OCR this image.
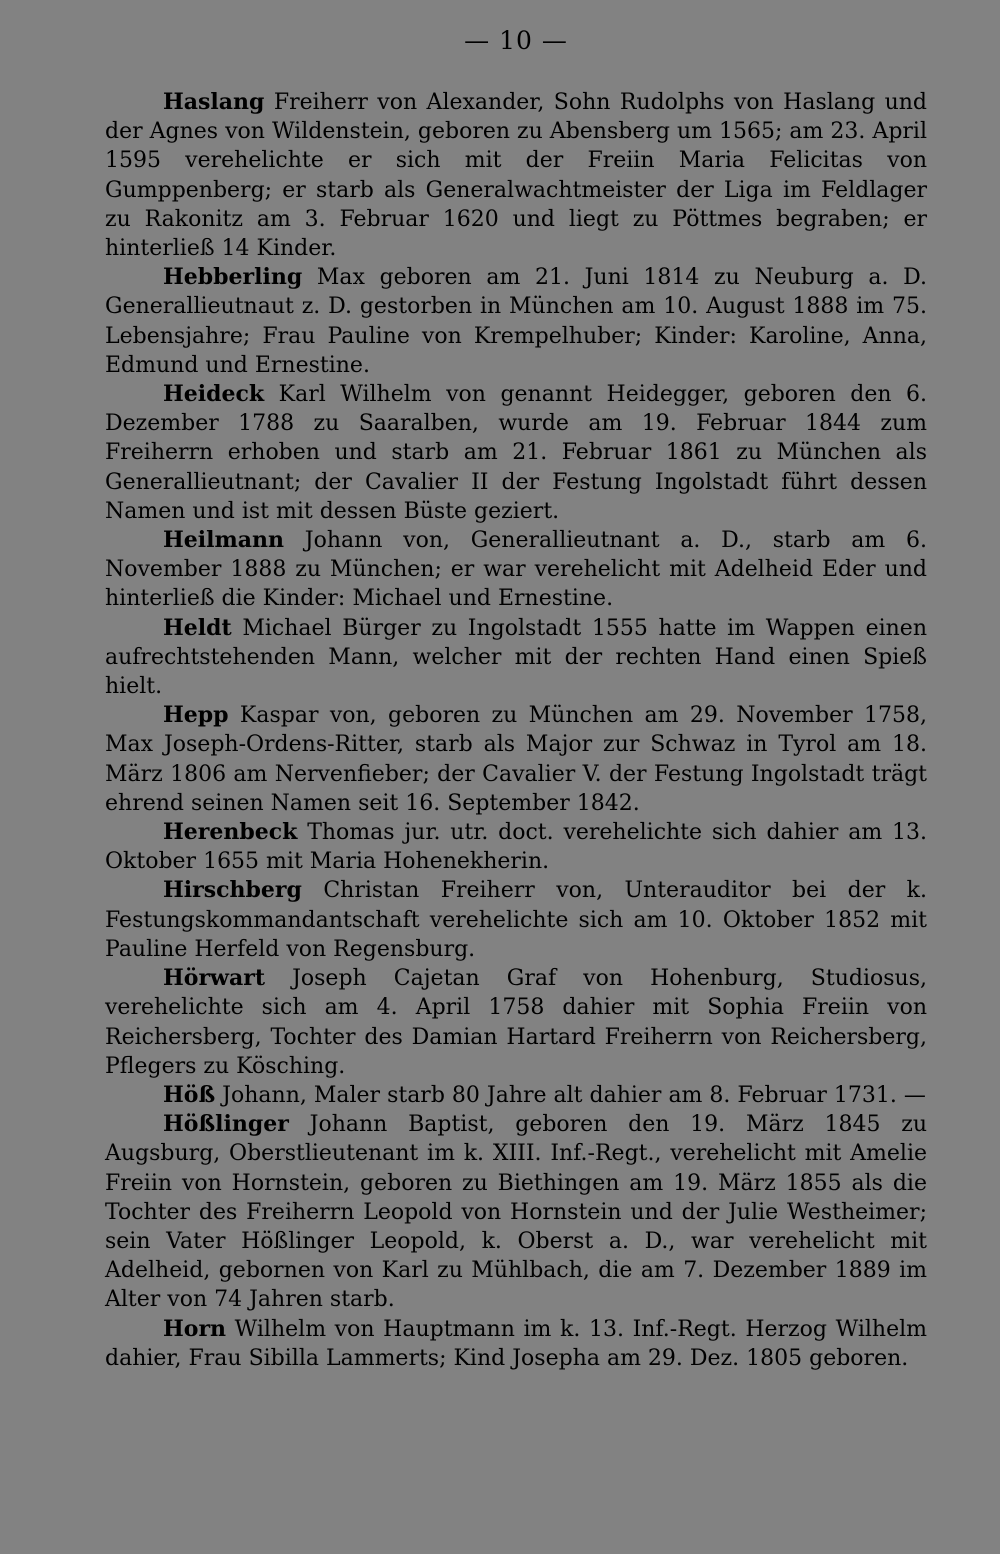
— 10 —

Haslang Freiherr von Alexander, Sohn Rudolphs von Haslang und der Agnes von Wildenstein, geboren zu Abensberg um 1565; am 23. April 1595 verehelichte er sich mit der Freiin Maria Felicitas von Gumppenberg; er starb als Generalwachtmeister der Liga im Feldlager zu Rakonitz am 3. Februar 1620 und liegt zu Pöttmes begraben; er hinterließ 14 Kinder.

Hebberling Max geboren am 21. Juni 1814 zu Neuburg a. D. Generallieutnaut z. D. gestorben in München am 10. August 1888 im 75. Lebensjahre; Frau Pauline von Krempelhuber; Kinder: Karoline, Anna, Edmund und Ernestine.

Heideck Karl Wilhelm von genannt Heidegger, geboren den 6. Dezember 1788 zu Saaralben, wurde am 19. Februar 1844 zum Freiherrn erhoben und starb am 21. Februar 1861 zu München als Generallieutnant; der Cavalier II der Festung Ingolstadt führt dessen Namen und ist mit dessen Büste geziert.

Heilmann Johann von, Generallieutnant a. D., starb am 6. November 1888 zu München; er war verehelicht mit Adelheid Eder und hinterließ die Kinder: Michael und Ernestine.

Heldt Michael Bürger zu Ingolstadt 1555 hatte im Wappen einen aufrechtstehenden Mann, welcher mit der rechten Hand einen Spieß hielt.

Hepp Kaspar von, geboren zu München am 29. November 1758, Max Joseph-Ordens-Ritter, starb als Major zur Schwaz in Tyrol am 18. März 1806 am Nervenfieber; der Cavalier V. der Festung Ingolstadt trägt ehrend seinen Namen seit 16. September 1842.

Herenbeck Thomas jur. utr. doct. verehelichte sich dahier am 13. Oktober 1655 mit Maria Hohenekherin.

Hirschberg Christan Freiherr von, Unterauditor bei der k. Festungskommandantschaft verehelichte sich am 10. Oktober 1852 mit Pauline Herfeld von Regensburg.

Hörwart Joseph Cajetan Graf von Hohenburg, Studiosus, verehelichte sich am 4. April 1758 dahier mit Sophia Freiin von Reichersberg, Tochter des Damian Hartard Freiherrn von Reichersberg, Pflegers zu Kösching.

Höß Johann, Maler starb 80 Jahre alt dahier am 8. Februar 1731. —

Hößlinger Johann Baptist, geboren den 19. März 1845 zu Augsburg, Oberstlieutenant im k. XIII. Inf.-Regt., verehelicht mit Amelie Freiin von Hornstein, geboren zu Biethingen am 19. März 1855 als die Tochter des Freiherrn Leopold von Hornstein und der Julie Westheimer; sein Vater Hößlinger Leopold, k. Oberst a. D., war verehelicht mit Adelheid, gebornen von Karl zu Mühlbach, die am 7. Dezember 1889 im Alter von 74 Jahren starb.

Horn Wilhelm von Hauptmann im k. 13. Inf.-Regt. Herzog Wilhelm dahier, Frau Sibilla Lammerts; Kind Josepha am 29. Dez. 1805 geboren.
